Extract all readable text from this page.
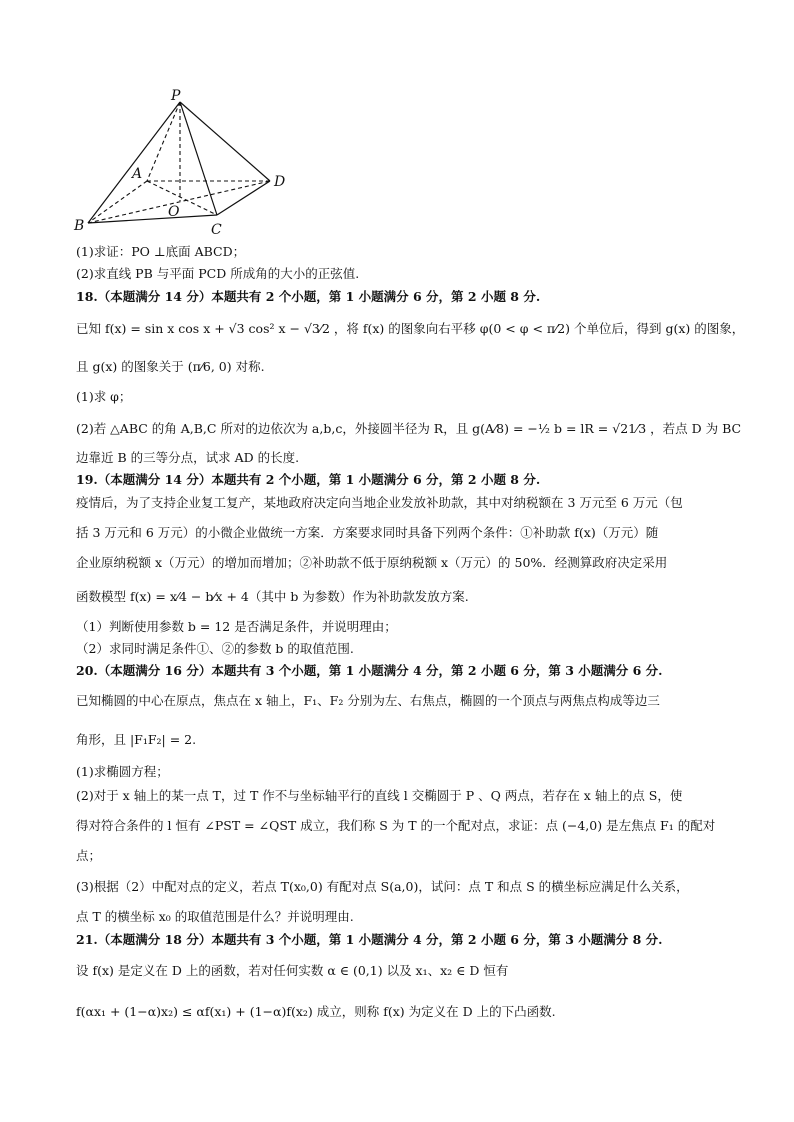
P
A
B	C
D
O
(1)求证：PO ⊥底面 ABCD；
(2)求直线 PB 与平面 PCD 所成角的大小的正弦值.
18.（本题满分 14 分）本题共有 2 个小题，第 1 小题满分 6 分，第 2 小题 8 分.
已知 f(x) = sin x cos x + √3 cos² x − √3⁄2 ，将 f(x) 的图象向右平移 φ(0 < φ < π⁄2) 个单位后，得到 g(x) 的图象，
且 g(x) 的图象关于 (π⁄6, 0) 对称.
(1)求 φ；
(2)若 △ABC 的角 A,B,C 所对的边依次为 a,b,c，外接圆半径为 R，且 g(A⁄8) = −½ b = lR = √21⁄3 ，若点 D 为 BC
边靠近 B 的三等分点，试求 AD 的长度.
19.（本题满分 14 分）本题共有 2 个小题，第 1 小题满分 6 分，第 2 小题 8 分.
疫情后，为了支持企业复工复产，某地政府决定向当地企业发放补助款，其中对纳税额在 3 万元至 6 万元（包
括 3 万元和 6 万元）的小微企业做统一方案．方案要求同时具备下列两个条件：①补助款 f(x)（万元）随
企业原纳税额 x（万元）的增加而增加；②补助款不低于原纳税额 x（万元）的 50%．经测算政府决定采用
函数模型 f(x) = x⁄4 − b⁄x + 4（其中 b 为参数）作为补助款发放方案.
（1）判断使用参数 b = 12 是否满足条件，并说明理由；
（2）求同时满足条件①、②的参数 b 的取值范围.
20.（本题满分 16 分）本题共有 3 个小题，第 1 小题满分 4 分，第 2 小题 6 分，第 3 小题满分 6 分.
已知椭圆的中心在原点，焦点在 x 轴上，F₁、F₂ 分别为左、右焦点，椭圆的一个顶点与两焦点构成等边三
角形，且 |F₁F₂| = 2.
(1)求椭圆方程；
(2)对于 x 轴上的某一点 T，过 T 作不与坐标轴平行的直线 l 交椭圆于 P 、Q 两点，若存在 x 轴上的点 S，使
得对符合条件的 l 恒有 ∠PST = ∠QST 成立，我们称 S 为 T 的一个配对点，求证：点 (−4,0) 是左焦点 F₁ 的配对
点；
(3)根据（2）中配对点的定义，若点 T(x₀,0) 有配对点 S(a,0)，试问：点 T 和点 S 的横坐标应满足什么关系，
点 T 的横坐标 x₀ 的取值范围是什么？并说明理由.
21.（本题满分 18 分）本题共有 3 个小题，第 1 小题满分 4 分，第 2 小题 6 分，第 3 小题满分 8 分.
设 f(x) 是定义在 D 上的函数，若对任何实数 α ∈ (0,1) 以及 x₁、x₂ ∈ D 恒有
f(αx₁ + (1−α)x₂) ≤ αf(x₁) + (1−α)f(x₂) 成立，则称 f(x) 为定义在 D 上的下凸函数.
